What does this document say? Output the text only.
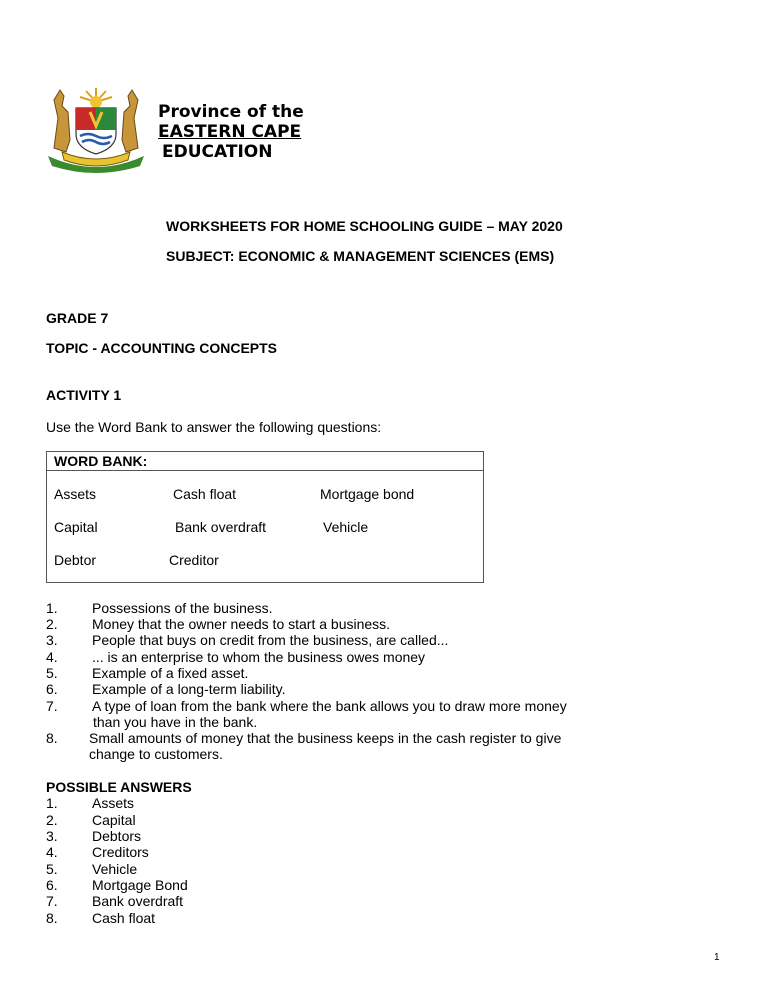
Province of the
EASTERN CAPE
EDUCATION
WORKSHEETS FOR HOME SCHOOLING GUIDE – MAY 2020
SUBJECT: ECONOMIC & MANAGEMENT SCIENCES (EMS)
GRADE 7
TOPIC - ACCOUNTING CONCEPTS
ACTIVITY 1
Use the Word Bank to answer the following questions:
WORD BANK:
Assets	Cash float	Mortgage bond
Capital	Bank overdraft	Vehicle
Debtor	Creditor
1. Possessions of the business.
2. Money that the owner needs to start a business.
3. People that buys on credit from the business, are called...
4. ... is an enterprise to whom the business owes money
5. Example of a fixed asset.
6. Example of a long-term liability.
7. A type of loan from the bank where the bank allows you to draw more money
than you have in the bank.
8. Small amounts of money that the business keeps in the cash register to give
change to customers.
POSSIBLE ANSWERS
1. Assets
2. Capital
3. Debtors
4. Creditors
5. Vehicle
6. Mortgage Bond
7. Bank overdraft
8. Cash float
1
